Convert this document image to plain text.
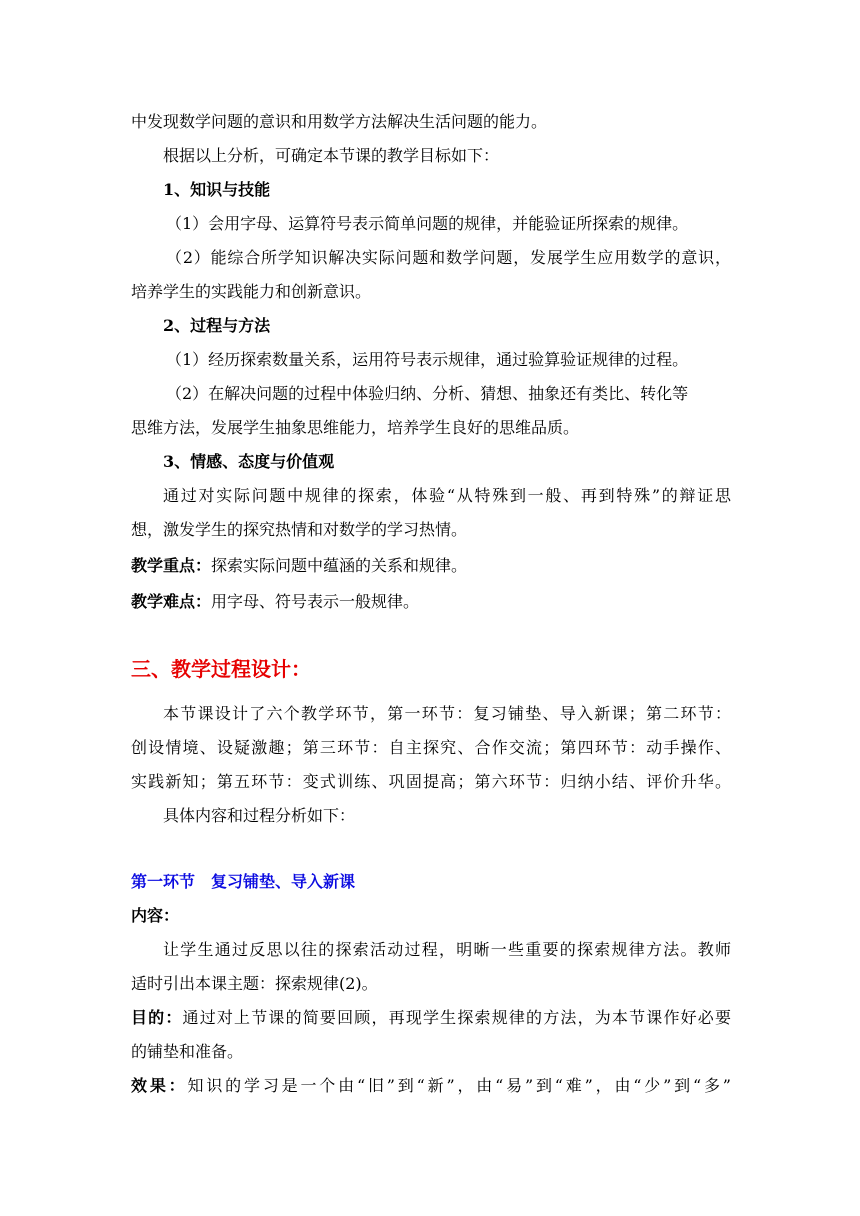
中发现数学问题的意识和用数学方法解决生活问题的能力。
根据以上分析，可确定本节课的教学目标如下：
1、知识与技能
（1）会用字母、运算符号表示简单问题的规律，并能验证所探索的规律。
（2）能综合所学知识解决实际问题和数学问题，发展学生应用数学的意识，
培养学生的实践能力和创新意识。
2、过程与方法
（1）经历探索数量关系，运用符号表示规律，通过验算验证规律的过程。
（2）在解决问题的过程中体验归纳、分析、猜想、抽象还有类比、转化等
思维方法，发展学生抽象思维能力，培养学生良好的思维品质。
3、情感、态度与价值观
通过对实际问题中规律的探索，体验“从特殊到一般、再到特殊”的辩证思
想，激发学生的探究热情和对数学的学习热情。
教学重点：探索实际问题中蕴涵的关系和规律。
教学难点：用字母、符号表示一般规律。
三、教学过程设计：
本节课设计了六个教学环节，第一环节：复习铺垫、导入新课；第二环节：
创设情境、设疑激趣；第三环节：自主探究、合作交流；第四环节：动手操作、
实践新知；第五环节：变式训练、巩固提高；第六环节：归纳小结、评价升华。
具体内容和过程分析如下：
第一环节　复习铺垫、导入新课
内容：
让学生通过反思以往的探索活动过程，明晰一些重要的探索规律方法。教师
适时引出本课主题：探索规律(2)。
目的：通过对上节课的简要回顾，再现学生探索规律的方法，为本节课作好必要
的铺垫和准备。
效果：知识的学习是一个由“旧”到“新”，由“易”到“难”，由“少”到“多”
